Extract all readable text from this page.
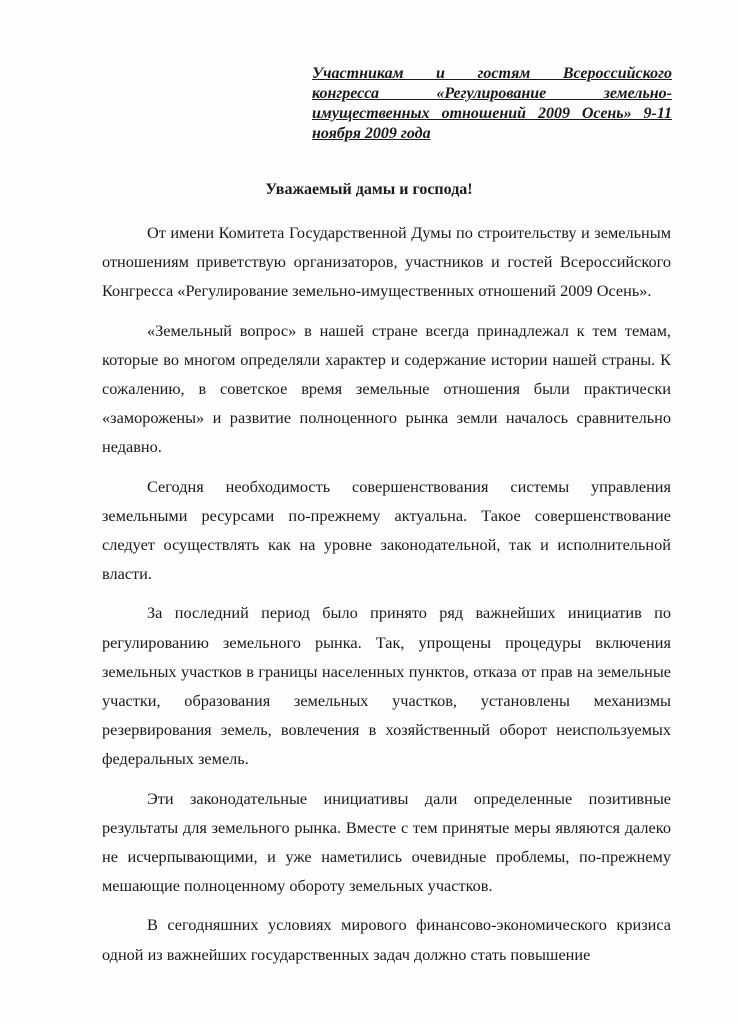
Участникам и гостям Всероссийского
конгресса «Регулирование земельно-
имущественных отношений 2009 Осень» 9-11
ноября 2009 года
Уважаемый дамы и господа!

От имени Комитета Государственной Думы по строительству и земельным отношениям приветствую организаторов, участников и гостей Всероссийского Конгресса «Регулирование земельно-имущественных отношений 2009 Осень».

«Земельный вопрос» в нашей стране всегда принадлежал к тем темам, которые во многом определяли характер и содержание истории нашей страны. К сожалению, в советское время земельные отношения были практически «заморожены» и развитие полноценного рынка земли началось сравнительно недавно.

Сегодня необходимость совершенствования системы управления земельными ресурсами по-прежнему актуальна. Такое совершенствование следует осуществлять как на уровне законодательной, так и исполнительной власти.

За последний период было принято ряд важнейших инициатив по регулированию земельного рынка. Так, упрощены процедуры включения земельных участков в границы населенных пунктов, отказа от прав на земельные участки, образования земельных участков, установлены механизмы резервирования земель, вовлечения в хозяйственный оборот неиспользуемых федеральных земель.

Эти законодательные инициативы дали определенные позитивные результаты для земельного рынка. Вместе с тем принятые меры являются далеко не исчерпывающими, и уже наметились очевидные проблемы, по-прежнему мешающие полноценному обороту земельных участков.

В сегодняшних условиях мирового финансово-экономического кризиса одной из важнейших государственных задач должно стать повышение
